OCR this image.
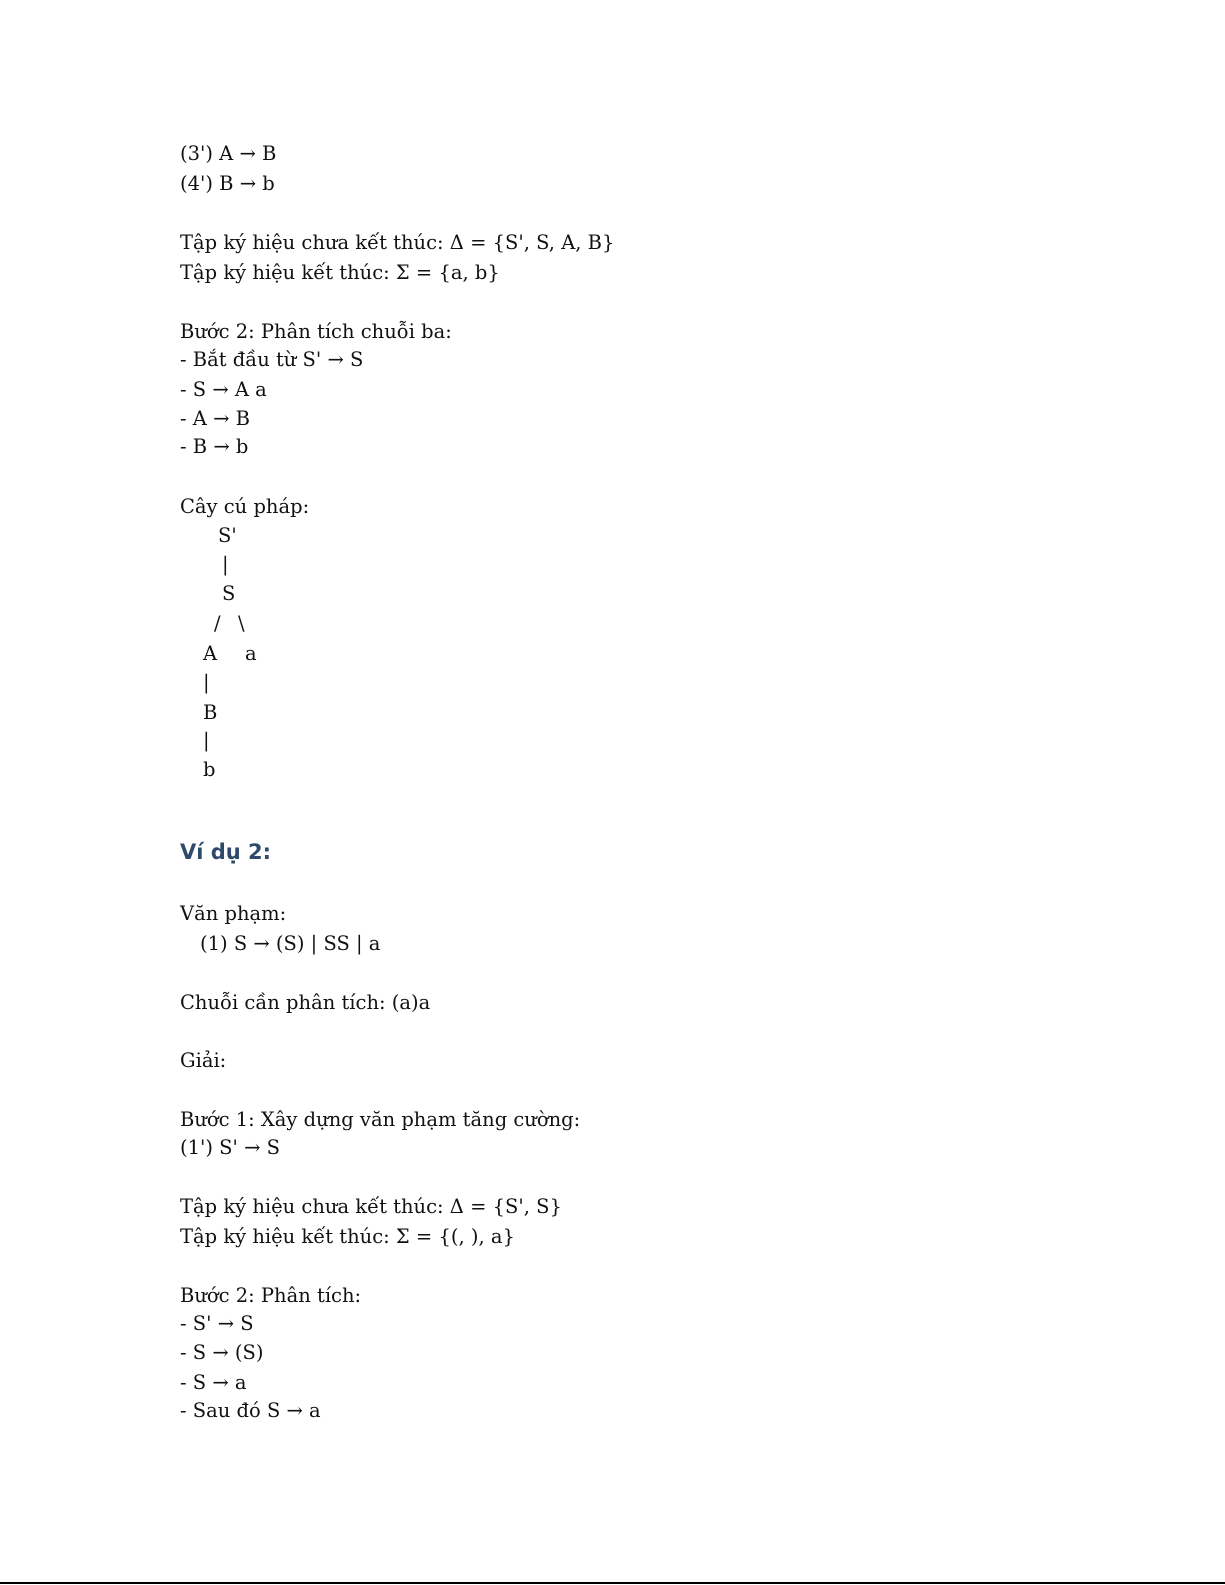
(3') A → B
(4') B → b
Tập ký hiệu chưa kết thúc: Δ = {S', S, A, B}
Tập ký hiệu kết thúc: Σ = {a, b}
Bước 2: Phân tích chuỗi ba:
- Bắt đầu từ S' → S
- S → A a
- A → B
- B → b
Cây cú pháp:
S'
|
S
/ \
A a
|
B
|
b
Ví dụ 2:
Văn phạm:
(1) S → (S) | SS | a
Chuỗi cần phân tích: (a)a
Giải:
Bước 1: Xây dựng văn phạm tăng cường:
(1') S' → S
Tập ký hiệu chưa kết thúc: Δ = {S', S}
Tập ký hiệu kết thúc: Σ = {(, ), a}
Bước 2: Phân tích:
- S' → S
- S → (S)
- S → a
- Sau đó S → a
